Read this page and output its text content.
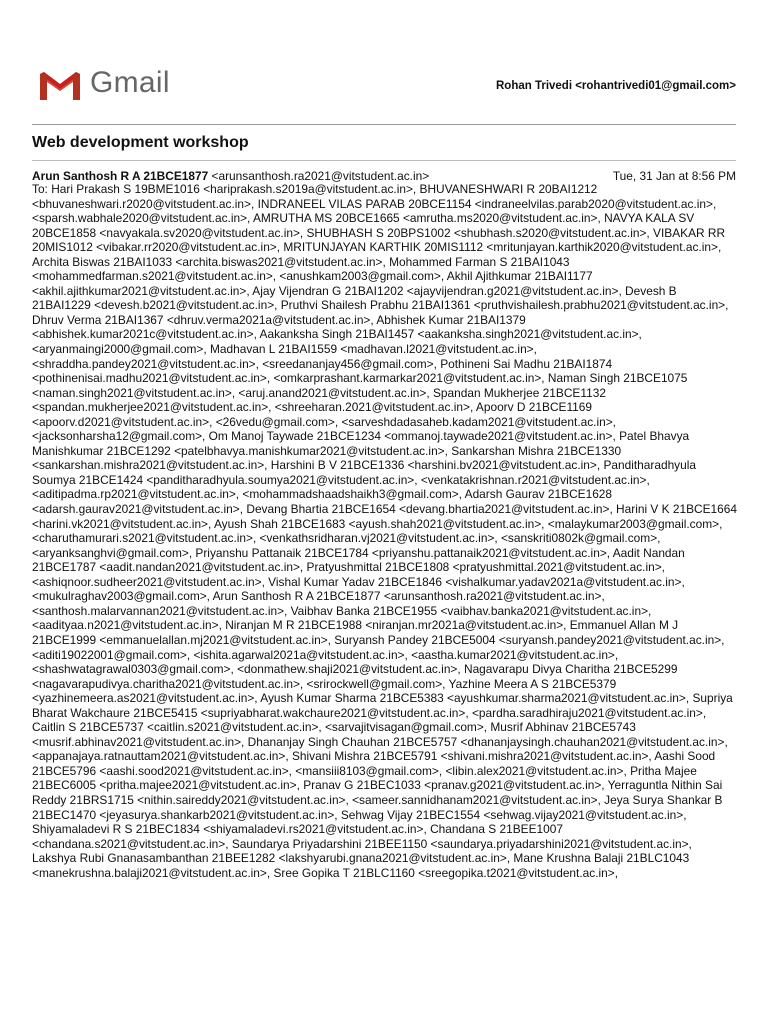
Gmail	Rohan Trivedi <rohantrivedi01@gmail.com>
Web development workshop
Arun Santhosh R A 21BCE1877 <arunsanthosh.ra2021@vitstudent.ac.in>	Tue, 31 Jan at 8:56 PM
To: Hari Prakash S 19BME1016 <hariprakash.s2019a@vitstudent.ac.in>, BHUVANESHWARI R 20BAI1212 <bhuvaneshwari.r2020@vitstudent.ac.in>, INDRANEEL VILAS PARAB 20BCE1154 <indraneelvilas.parab2020@vitstudent.ac.in>, <sparsh.wabhale2020@vitstudent.ac.in>, AMRUTHA MS 20BCE1665 <amrutha.ms2020@vitstudent.ac.in>, NAVYA KALA SV 20BCE1858 <navyakala.sv2020@vitstudent.ac.in>, SHUBHASH S 20BPS1002 <shubhash.s2020@vitstudent.ac.in>, VIBAKAR RR 20MIS1012 <vibakar.rr2020@vitstudent.ac.in>, MRITUNJAYAN KARTHIK 20MIS1112 <mritunjayan.karthik2020@vitstudent.ac.in>, Archita Biswas 21BAI1033 <archita.biswas2021@vitstudent.ac.in>, Mohammed Farman S 21BAI1043 <mohammedfarman.s2021@vitstudent.ac.in>, <anushkam2003@gmail.com>, Akhil Ajithkumar 21BAI1177 <akhil.ajithkumar2021@vitstudent.ac.in>, Ajay Vijendran G 21BAI1202 <ajayvijendran.g2021@vitstudent.ac.in>, Devesh B 21BAI1229 <devesh.b2021@vitstudent.ac.in>, Pruthvi Shailesh Prabhu 21BAI1361 <pruthvishailesh.prabhu2021@vitstudent.ac.in>, Dhruv Verma 21BAI1367 <dhruv.verma2021a@vitstudent.ac.in>, Abhishek Kumar 21BAI1379 <abhishek.kumar2021c@vitstudent.ac.in>, Aakanksha Singh 21BAI1457 <aakanksha.singh2021@vitstudent.ac.in>, <aryanmaingi2000@gmail.com>, Madhavan L 21BAI1559 <madhavan.l2021@vitstudent.ac.in>, <shraddha.pandey2021@vitstudent.ac.in>, <sreedananjay456@gmail.com>, Pothineni Sai Madhu 21BAI1874 <pothinenisai.madhu2021@vitstudent.ac.in>, <omkarprashant.karmarkar2021@vitstudent.ac.in>, Naman Singh 21BCE1075 <naman.singh2021@vitstudent.ac.in>, <aruj.anand2021@vitstudent.ac.in>, Spandan Mukherjee 21BCE1132 <spandan.mukherjee2021@vitstudent.ac.in>, <shreeharan.2021@vitstudent.ac.in>, Apoorv D 21BCE1169 <apoorv.d2021@vitstudent.ac.in>, <26vedu@gmail.com>, <sarveshdadasaheb.kadam2021@vitstudent.ac.in>, <jacksonharsha12@gmail.com>, Om Manoj Taywade 21BCE1234 <ommanoj.taywade2021@vitstudent.ac.in>, Patel Bhavya Manishkumar 21BCE1292 <patelbhavya.manishkumar2021@vitstudent.ac.in>, Sankarshan Mishra 21BCE1330 <sankarshan.mishra2021@vitstudent.ac.in>, Harshini B V 21BCE1336 <harshini.bv2021@vitstudent.ac.in>, Panditharadhyula Soumya 21BCE1424 <panditharadhyula.soumya2021@vitstudent.ac.in>, <venkatakrishnan.r2021@vitstudent.ac.in>, <aditipadma.rp2021@vitstudent.ac.in>, <mohammadshaadshaikh3@gmail.com>, Adarsh Gaurav 21BCE1628 <adarsh.gaurav2021@vitstudent.ac.in>, Devang Bhartia 21BCE1654 <devang.bhartia2021@vitstudent.ac.in>, Harini V K 21BCE1664 <harini.vk2021@vitstudent.ac.in>, Ayush Shah 21BCE1683 <ayush.shah2021@vitstudent.ac.in>, <malaykumar2003@gmail.com>, <charuthamurari.s2021@vitstudent.ac.in>, <venkathsridharan.vj2021@vitstudent.ac.in>, <sanskriti0802k@gmail.com>, <aryanksanghvi@gmail.com>, Priyanshu Pattanaik 21BCE1784 <priyanshu.pattanaik2021@vitstudent.ac.in>, Aadit Nandan 21BCE1787 <aadit.nandan2021@vitstudent.ac.in>, Pratyushmittal 21BCE1808 <pratyushmittal.2021@vitstudent.ac.in>, <ashiqnoor.sudheer2021@vitstudent.ac.in>, Vishal Kumar Yadav 21BCE1846 <vishalkumar.yadav2021a@vitstudent.ac.in>, <mukulraghav2003@gmail.com>, Arun Santhosh R A 21BCE1877 <arunsanthosh.ra2021@vitstudent.ac.in>, <santhosh.malarvannan2021@vitstudent.ac.in>, Vaibhav Banka 21BCE1955 <vaibhav.banka2021@vitstudent.ac.in>, <aadityaa.n2021@vitstudent.ac.in>, Niranjan M R 21BCE1988 <niranjan.mr2021a@vitstudent.ac.in>, Emmanuel Allan M J 21BCE1999 <emmanuelallan.mj2021@vitstudent.ac.in>, Suryansh Pandey 21BCE5004 <suryansh.pandey2021@vitstudent.ac.in>, <aditi19022001@gmail.com>, <ishita.agarwal2021a@vitstudent.ac.in>, <aastha.kumar2021@vitstudent.ac.in>, <shashwatagrawal0303@gmail.com>, <donmathew.shaji2021@vitstudent.ac.in>, Nagavarapu Divya Charitha 21BCE5299 <nagavarapudivya.charitha2021@vitstudent.ac.in>, <srirockwell@gmail.com>, Yazhine Meera A S 21BCE5379 <yazhinemeera.as2021@vitstudent.ac.in>, Ayush Kumar Sharma 21BCE5383 <ayushkumar.sharma2021@vitstudent.ac.in>, Supriya Bharat Wakchaure 21BCE5415 <supriyabharat.wakchaure2021@vitstudent.ac.in>, <pardha.saradhiraju2021@vitstudent.ac.in>, Caitlin S 21BCE5737 <caitlin.s2021@vitstudent.ac.in>, <sarvajitvisagan@gmail.com>, Musrif Abhinav 21BCE5743 <musrif.abhinav2021@vitstudent.ac.in>, Dhananjay Singh Chauhan 21BCE5757 <dhananjaysingh.chauhan2021@vitstudent.ac.in>, <appanajaya.ratnauttam2021@vitstudent.ac.in>, Shivani Mishra 21BCE5791 <shivani.mishra2021@vitstudent.ac.in>, Aashi Sood 21BCE5796 <aashi.sood2021@vitstudent.ac.in>, <mansiii8103@gmail.com>, <libin.alex2021@vitstudent.ac.in>, Pritha Majee 21BEC6005 <pritha.majee2021@vitstudent.ac.in>, Pranav G 21BEC1033 <pranav.g2021@vitstudent.ac.in>, Yerraguntla Nithin Sai Reddy 21BRS1715 <nithin.saireddy2021@vitstudent.ac.in>, <sameer.sannidhanam2021@vitstudent.ac.in>, Jeya Surya Shankar B 21BEC1470 <jeyasurya.shankarb2021@vitstudent.ac.in>, Sehwag Vijay 21BEC1554 <sehwag.vijay2021@vitstudent.ac.in>, Shiyamaladevi R S 21BEC1834 <shiyamaladevi.rs2021@vitstudent.ac.in>, Chandana S 21BEE1007 <chandana.s2021@vitstudent.ac.in>, Saundarya Priyadarshini 21BEE1150 <saundarya.priyadarshini2021@vitstudent.ac.in>, Lakshya Rubi Gnanasambanthan 21BEE1282 <lakshyarubi.gnana2021@vitstudent.ac.in>, Mane Krushna Balaji 21BLC1043 <manekrushna.balaji2021@vitstudent.ac.in>, Sree Gopika T 21BLC1160 <sreegopika.t2021@vitstudent.ac.in>,
